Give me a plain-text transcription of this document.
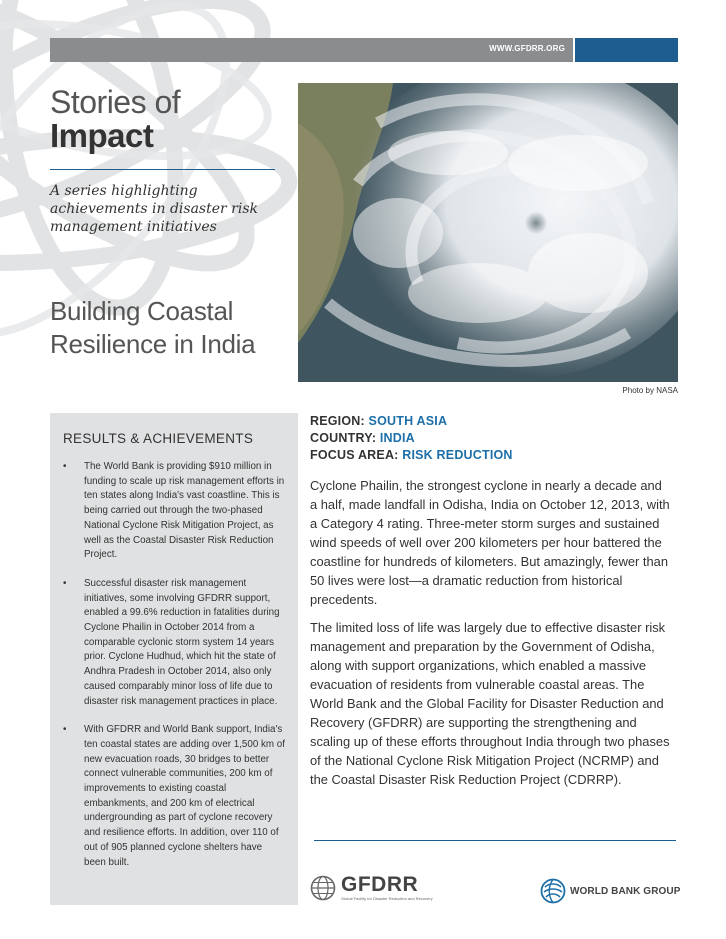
WWW.GFDRR.ORG
Stories of
Impact
A series highlighting achievements in disaster risk management initiatives
Building Coastal Resilience in India
Photo by NASA
RESULTS & ACHIEVEMENTS
• The World Bank is providing $910 million in funding to scale up risk management efforts in ten states along India's vast coastline. This is being carried out through the two-phased National Cyclone Risk Mitigation Project, as well as the Coastal Disaster Risk Reduction Project.
• Successful disaster risk management initiatives, some involving GFDRR support, enabled a 99.6% reduction in fatalities during Cyclone Phailin in October 2014 from a comparable cyclonic storm system 14 years prior. Cyclone Hudhud, which hit the state of Andhra Pradesh in October 2014, also only caused comparably minor loss of life due to disaster risk management practices in place.
• With GFDRR and World Bank support, India's ten coastal states are adding over 1,500 km of new evacuation roads, 30 bridges to better connect vulnerable communities, 200 km of improvements to existing coastal embankments, and 200 km of electrical undergrounding as part of cyclone recovery and resilience efforts. In addition, over 110 of out of 905 planned cyclone shelters have been built.
REGION: SOUTH ASIA
COUNTRY: INDIA
FOCUS AREA: RISK REDUCTION

Cyclone Phailin, the strongest cyclone in nearly a decade and a half, made landfall in Odisha, India on October 12, 2013, with a Category 4 rating. Three-meter storm surges and sustained wind speeds of well over 200 kilometers per hour battered the coastline for hundreds of kilometers. But amazingly, fewer than 50 lives were lost—a dramatic reduction from historical precedents.

The limited loss of life was largely due to effective disaster risk management and preparation by the Government of Odisha, along with support organizations, which enabled a massive evacuation of residents from vulnerable coastal areas. The World Bank and the Global Facility for Disaster Reduction and Recovery (GFDRR) are supporting the strengthening and scaling up of these efforts throughout India through two phases of the National Cyclone Risk Mitigation Project (NCRMP) and the Coastal Disaster Risk Reduction Project (CDRRP).

GFDRR
Global Facility for Disaster Reduction and Recovery
WORLD BANK GROUP
